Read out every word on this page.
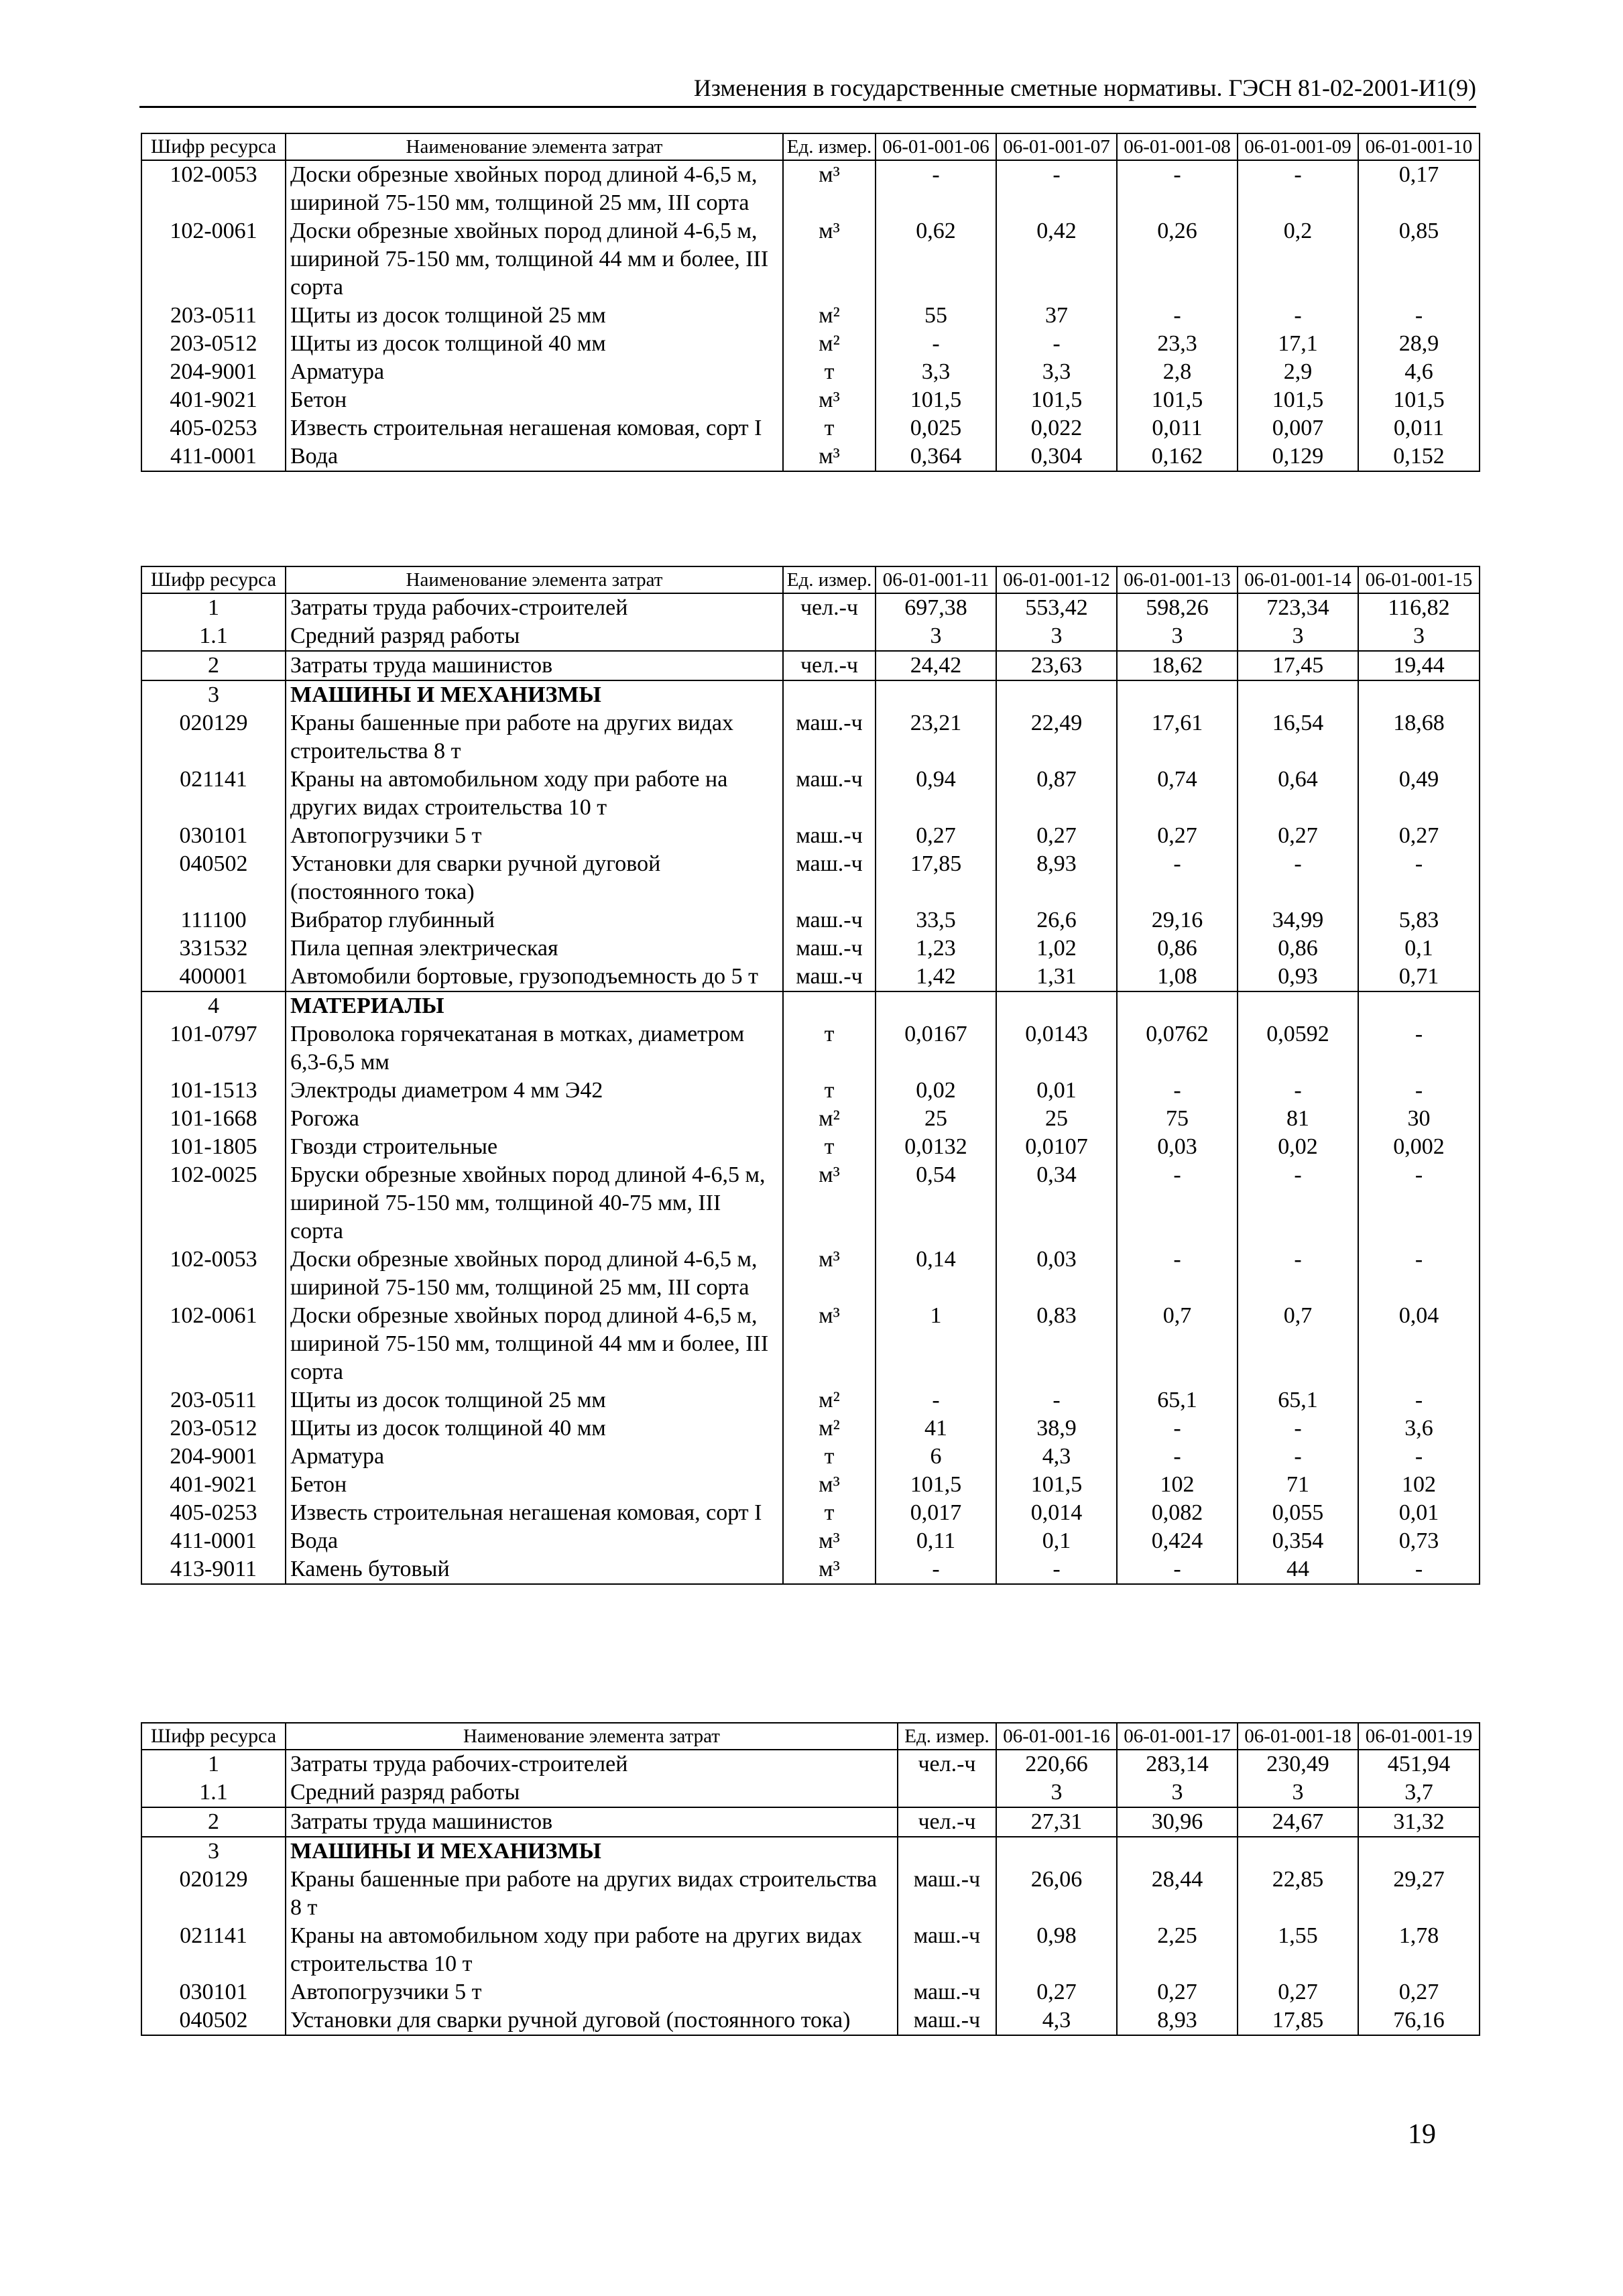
Изменения в государственные сметные нормативы. ГЭСН 81-02-2001-И1(9)
Шифр ресурса	Наименование элемента затрат	Ед. измер.	06-01-001-06	06-01-001-07	06-01-001-08	06-01-001-09	06-01-001-10
102-0053	Доски обрезные хвойных пород длиной 4-6,5 м, шириной 75-150 мм, толщиной 25 мм, III сорта	м³	-	-	-	-	0,17
102-0061	Доски обрезные хвойных пород длиной 4-6,5 м, шириной 75-150 мм, толщиной 44 мм и более, III сорта	м³	0,62	0,42	0,26	0,2	0,85
203-0511	Щиты из досок толщиной 25 мм	м²	55	37	-	-	-
203-0512	Щиты из досок толщиной 40 мм	м²	-	-	23,3	17,1	28,9
204-9001	Арматура	т	3,3	3,3	2,8	2,9	4,6
401-9021	Бетон	м³	101,5	101,5	101,5	101,5	101,5
405-0253	Известь строительная негашеная комовая, сорт I	т	0,025	0,022	0,011	0,007	0,011
411-0001	Вода	м³	0,364	0,304	0,162	0,129	0,152
Шифр ресурса	Наименование элемента затрат	Ед. измер.	06-01-001-11	06-01-001-12	06-01-001-13	06-01-001-14	06-01-001-15
1	Затраты труда рабочих-строителей	чел.-ч	697,38	553,42	598,26	723,34	116,82
1.1	Средний разряд работы		3	3	3	3	3
2	Затраты труда машинистов	чел.-ч	24,42	23,63	18,62	17,45	19,44
3	МАШИНЫ И МЕХАНИЗМЫ						
020129	Краны башенные при работе на других видах строительства 8 т	маш.-ч	23,21	22,49	17,61	16,54	18,68
021141	Краны на автомобильном ходу при работе на других видах строительства 10 т	маш.-ч	0,94	0,87	0,74	0,64	0,49
030101	Автопогрузчики 5 т	маш.-ч	0,27	0,27	0,27	0,27	0,27
040502	Установки для сварки ручной дуговой (постоянного тока)	маш.-ч	17,85	8,93	-	-	-
111100	Вибратор глубинный	маш.-ч	33,5	26,6	29,16	34,99	5,83
331532	Пила цепная электрическая	маш.-ч	1,23	1,02	0,86	0,86	0,1
400001	Автомобили бортовые, грузоподъемность до 5 т	маш.-ч	1,42	1,31	1,08	0,93	0,71
4	МАТЕРИАЛЫ						
101-0797	Проволока горячекатаная в мотках, диаметром 6,3-6,5 мм	т	0,0167	0,0143	0,0762	0,0592	-
101-1513	Электроды диаметром 4 мм Э42	т	0,02	0,01	-	-	-
101-1668	Рогожа	м²	25	25	75	81	30
101-1805	Гвозди строительные	т	0,0132	0,0107	0,03	0,02	0,002
102-0025	Бруски обрезные хвойных пород длиной 4-6,5 м, шириной 75-150 мм, толщиной 40-75 мм, III сорта	м³	0,54	0,34	-	-	-
102-0053	Доски обрезные хвойных пород длиной 4-6,5 м, шириной 75-150 мм, толщиной 25 мм, III сорта	м³	0,14	0,03	-	-	-
102-0061	Доски обрезные хвойных пород длиной 4-6,5 м, шириной 75-150 мм, толщиной 44 мм и более, III сорта	м³	1	0,83	0,7	0,7	0,04
203-0511	Щиты из досок толщиной 25 мм	м²	-	-	65,1	65,1	-
203-0512	Щиты из досок толщиной 40 мм	м²	41	38,9	-	-	3,6
204-9001	Арматура	т	6	4,3	-	-	-
401-9021	Бетон	м³	101,5	101,5	102	71	102
405-0253	Известь строительная негашеная комовая, сорт I	т	0,017	0,014	0,082	0,055	0,01
411-0001	Вода	м³	0,11	0,1	0,424	0,354	0,73
413-9011	Камень бутовый	м³	-	-	-	44	-
Шифр ресурса	Наименование элемента затрат	Ед. измер.	06-01-001-16	06-01-001-17	06-01-001-18	06-01-001-19
1	Затраты труда рабочих-строителей	чел.-ч	220,66	283,14	230,49	451,94
1.1	Средний разряд работы		3	3	3	3,7
2	Затраты труда машинистов	чел.-ч	27,31	30,96	24,67	31,32
3	МАШИНЫ И МЕХАНИЗМЫ					
020129	Краны башенные при работе на других видах строительства 8 т	маш.-ч	26,06	28,44	22,85	29,27
021141	Краны на автомобильном ходу при работе на других видах строительства 10 т	маш.-ч	0,98	2,25	1,55	1,78
030101	Автопогрузчики 5 т	маш.-ч	0,27	0,27	0,27	0,27
040502	Установки для сварки ручной дуговой (постоянного тока)	маш.-ч	4,3	8,93	17,85	76,16
19
